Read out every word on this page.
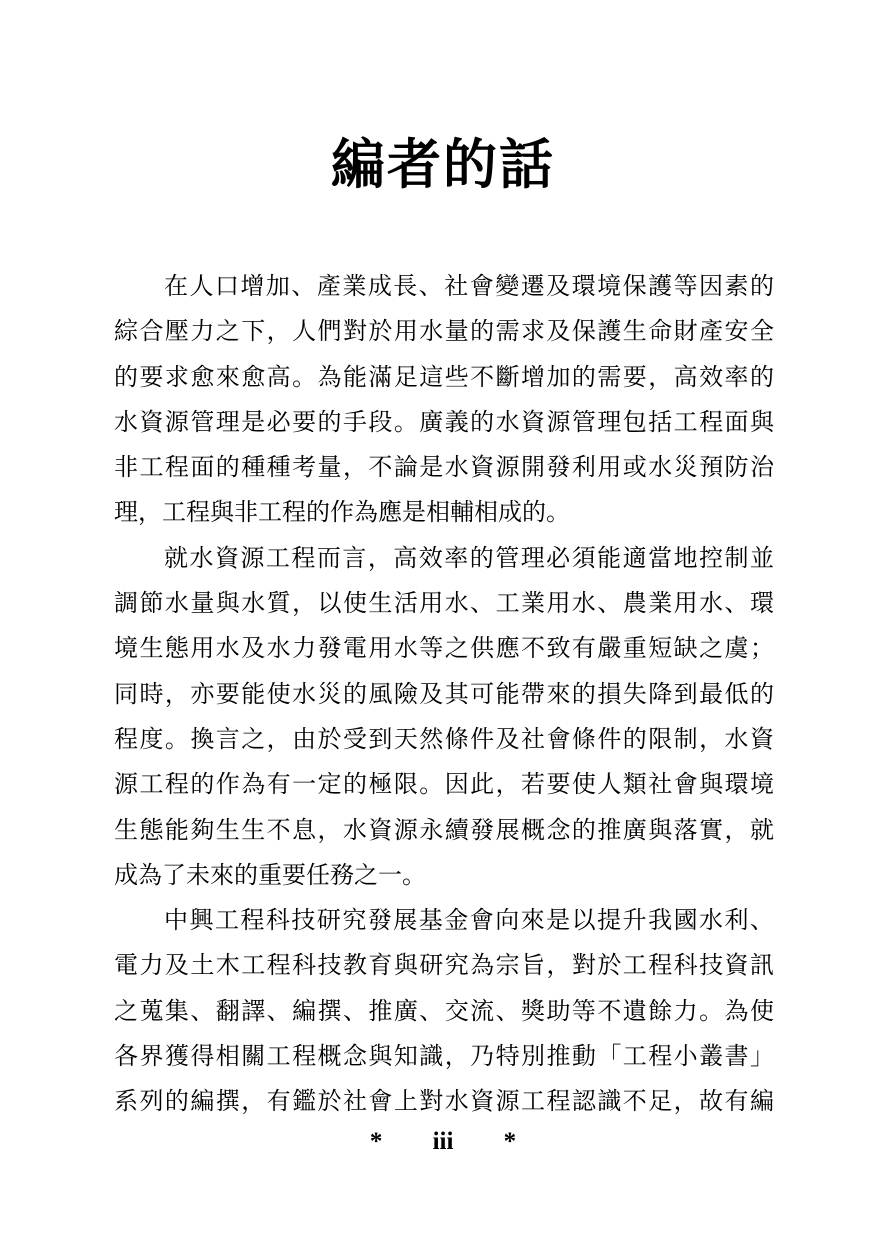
編者的話
在人口增加、產業成長、社會變遷及環境保護等因素的
綜合壓力之下，人們對於用水量的需求及保護生命財產安全
的要求愈來愈高。為能滿足這些不斷增加的需要，高效率的
水資源管理是必要的手段。廣義的水資源管理包括工程面與
非工程面的種種考量，不論是水資源開發利用或水災預防治
理，工程與非工程的作為應是相輔相成的。
就水資源工程而言，高效率的管理必須能適當地控制並
調節水量與水質，以使生活用水、工業用水、農業用水、環
境生態用水及水力發電用水等之供應不致有嚴重短缺之虞；
同時，亦要能使水災的風險及其可能帶來的損失降到最低的
程度。換言之，由於受到天然條件及社會條件的限制，水資
源工程的作為有一定的極限。因此，若要使人類社會與環境
生態能夠生生不息，水資源永續發展概念的推廣與落實，就
成為了未來的重要任務之一。
中興工程科技研究發展基金會向來是以提升我國水利、
電力及土木工程科技教育與研究為宗旨，對於工程科技資訊
之蒐集、翻譯、編撰、推廣、交流、獎助等不遺餘力。為使
各界獲得相關工程概念與知識，乃特別推動「工程小叢書」
系列的編撰，有鑑於社會上對水資源工程認識不足，故有編
* iii *
